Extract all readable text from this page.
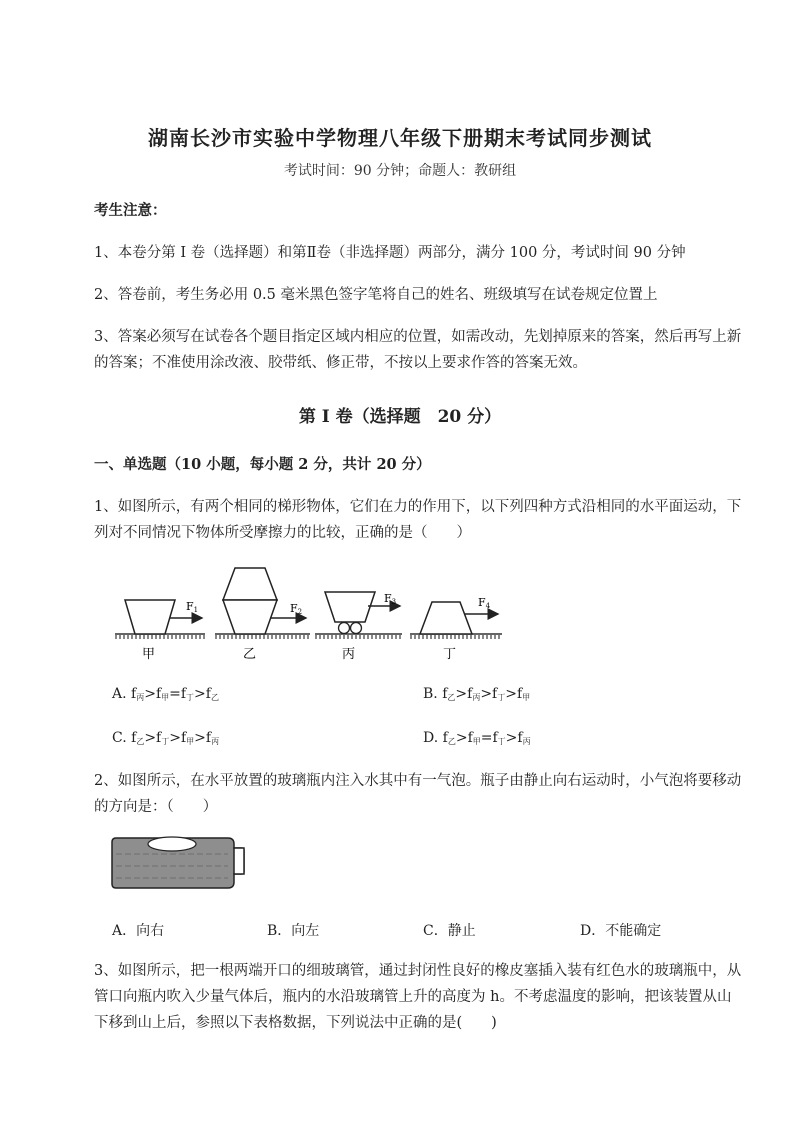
湖南长沙市实验中学物理八年级下册期末考试同步测试
考试时间：90 分钟；命题人：教研组
考生注意：
1、本卷分第 I 卷（选择题）和第Ⅱ卷（非选择题）两部分，满分 100 分，考试时间 90 分钟
2、答卷前，考生务必用 0.5 毫米黑色签字笔将自己的姓名、班级填写在试卷规定位置上
3、答案必须写在试卷各个题目指定区域内相应的位置，如需改动，先划掉原来的答案，然后再写上新
的答案；不准使用涂改液、胶带纸、修正带，不按以上要求作答的答案无效。
第 I 卷（选择题　20 分）
一、单选题（10 小题，每小题 2 分，共计 20 分）
1、如图所示，有两个相同的梯形物体，它们在力的作用下，以下列四种方式沿相同的水平面运动，下
列对不同情况下物体所受摩擦力的比较，正确的是（　　）
F1
甲
F2
乙
F3
丙
F4
丁
A. $f_丙>f_甲=f_丁>f_乙$	B. $f_乙>f_丙>f_丁>f_甲$
C. $f_乙>f_丁>f_甲>f_丙$	D. $f_乙>f_甲=f_丁>f_丙$
2、如图所示，在水平放置的玻璃瓶内注入水其中有一气泡。瓶子由静止向右运动时，小气泡将要移动
的方向是：（　　）
A．向右	B．向左	C．静止	D．不能确定
3、如图所示，把一根两端开口的细玻璃管，通过封闭性良好的橡皮塞插入装有红色水的玻璃瓶中，从
管口向瓶内吹入少量气体后，瓶内的水沿玻璃管上升的高度为 h。不考虑温度的影响，把该装置从山
下移到山上后，参照以下表格数据，下列说法中正确的是(　　)
